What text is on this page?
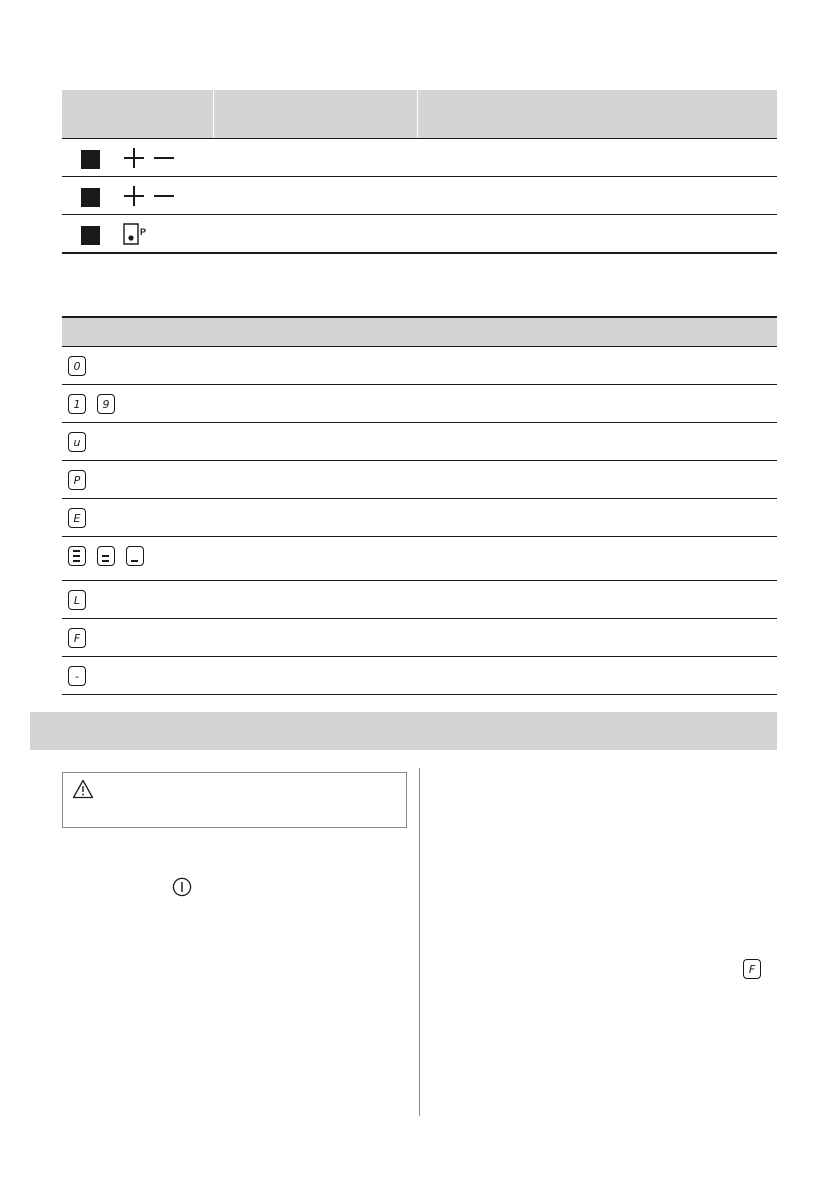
P
0
1	9
u
P
E
L
F
-
F
